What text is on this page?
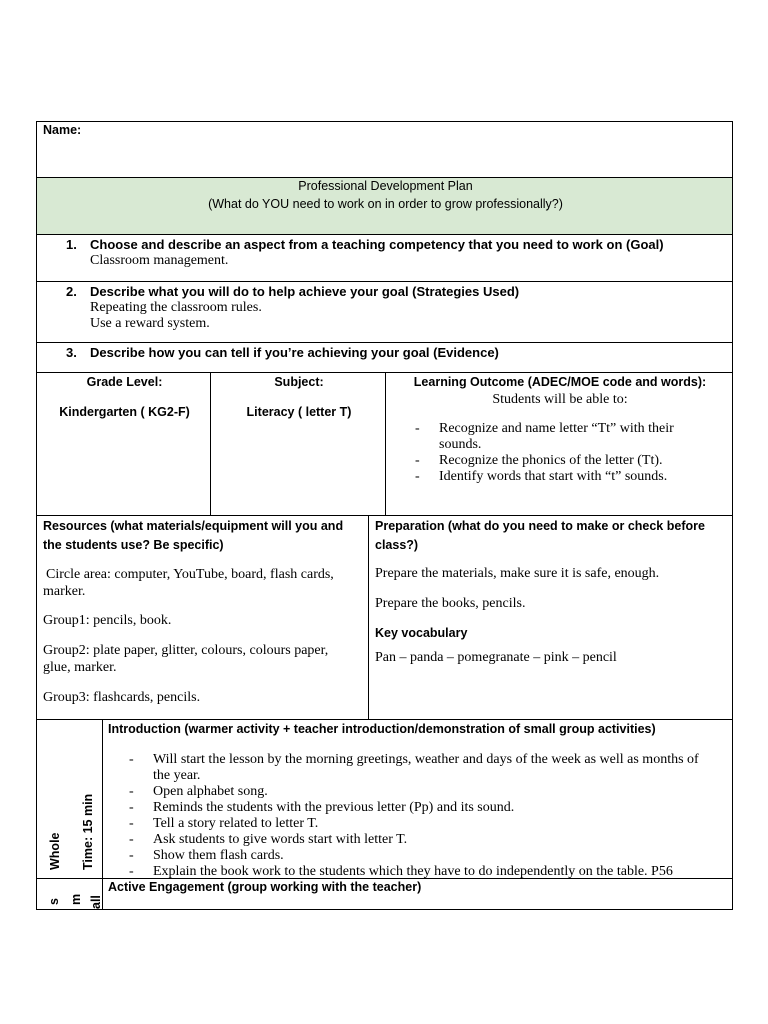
Name:
Professional Development Plan
(What do YOU need to work on in order to grow professionally?)
1. Choose and describe an aspect from a teaching competency that you need to work on (Goal)
Classroom management.
2. Describe what you will do to help achieve your goal (Strategies Used)
Repeating the classroom rules.
Use a reward system.
3. Describe how you can tell if you’re achieving your goal (Evidence)
Grade Level:
Kindergarten ( KG2-F)
Subject:
Literacy ( letter T)
Learning Outcome (ADEC/MOE code and words):
Students will be able to:
- Recognize and name letter “Tt” with their sounds.
- Recognize the phonics of the letter (Tt).
- Identify words that start with “t” sounds.
Resources (what materials/equipment will you and the students use? Be specific)
Circle area: computer, YouTube, board, flash cards, marker.
Group1: pencils, book.
Group2: plate paper, glitter, colours, colours paper, glue, marker.
Group3: flashcards, pencils.
Preparation (what do you need to make or check before class?)
Prepare the materials, make sure it is safe, enough.
Prepare the books, pencils.
Key vocabulary
Pan – panda – pomegranate – pink – pencil
Whole Time: 15 min
Introduction (warmer activity + teacher introduction/demonstration of small group activities)
- Will start the lesson by the morning greetings, weather and days of the week as well as months of the year.
- Open alphabet song.
- Reminds the students with the previous letter (Pp) and its sound.
- Tell a story related to letter T.
- Ask students to give words start with letter T.
- Show them flash cards.
- Explain the book work to the students which they have to do independently on the table. P56
s m all
Active Engagement (group working with the teacher)
